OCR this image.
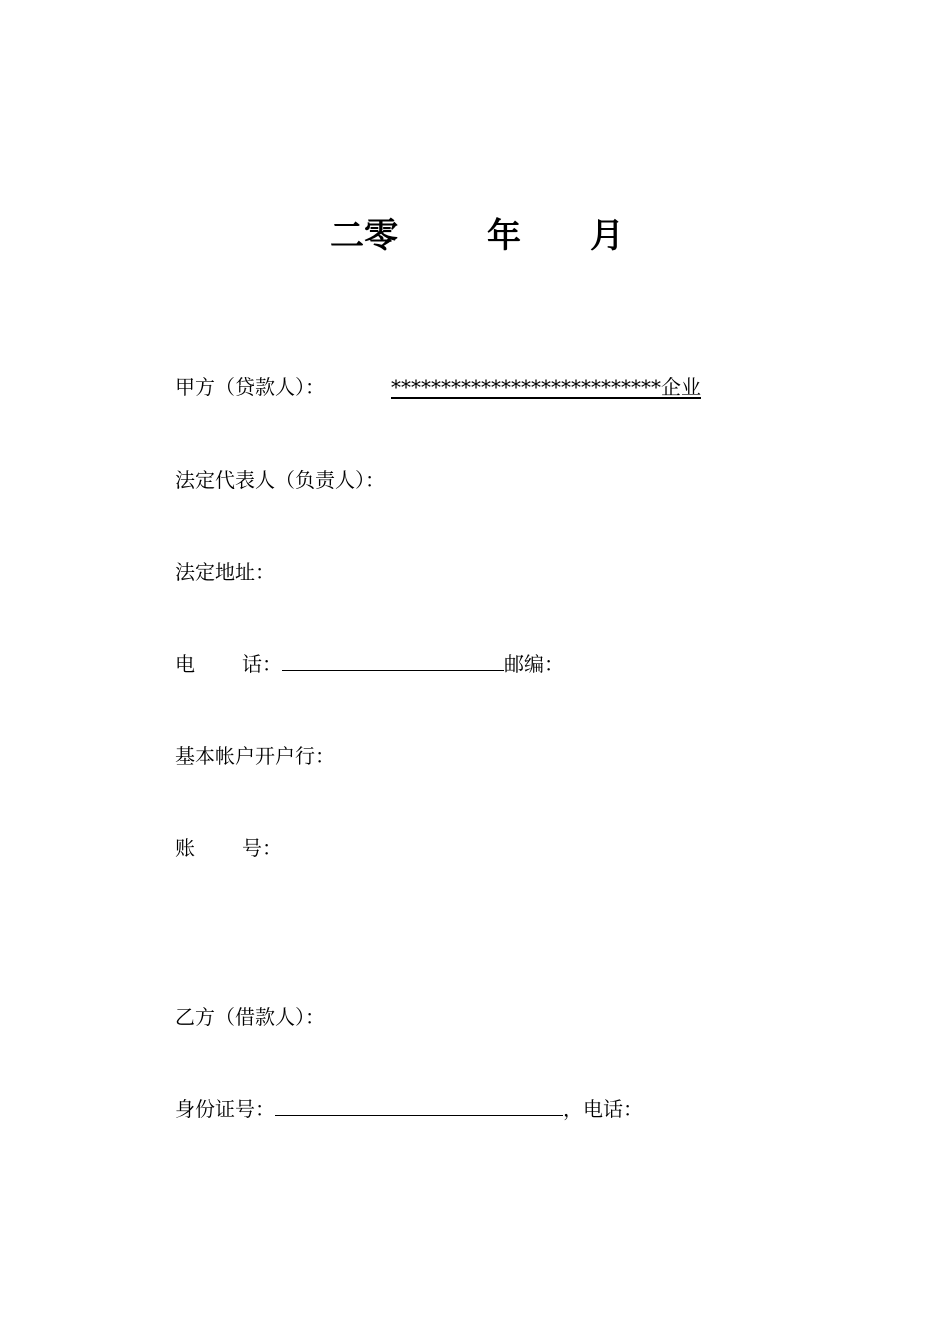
二零	年 月
甲方（贷款人）：	***************************企业
法定代表人（负责人）：
法定地址：
电 话：	邮编：
基本帐户开户行：
账 号：
乙方（借款人）：
身份证号：	，电话：
